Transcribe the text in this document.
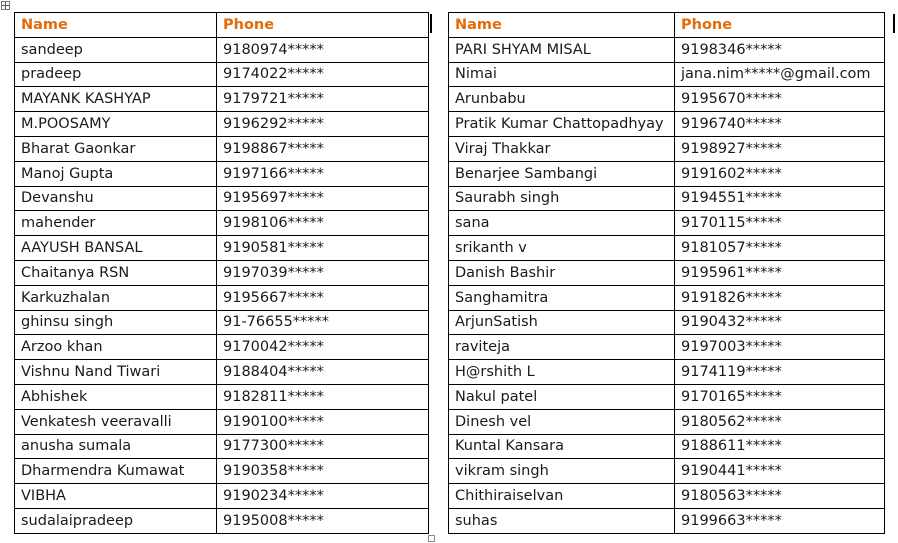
Name	Phone
sandeep	9180974*****
pradeep	9174022*****
MAYANK KASHYAP	9179721*****
M.POOSAMY	9196292*****
Bharat Gaonkar	9198867*****
Manoj Gupta	9197166*****
Devanshu	9195697*****
mahender	9198106*****
AAYUSH BANSAL	9190581*****
Chaitanya RSN	9197039*****
Karkuzhalan	9195667*****
ghinsu singh	91-76655*****
Arzoo khan	9170042*****
Vishnu Nand Tiwari	9188404*****
Abhishek	9182811*****
Venkatesh veeravalli	9190100*****
anusha sumala	9177300*****
Dharmendra Kumawat	9190358*****
VIBHA	9190234*****
sudalaipradeep	9195008*****
Name	Phone
PARI SHYAM MISAL	9198346*****
Nimai	jana.nim*****@gmail.com
Arunbabu	9195670*****
Pratik Kumar Chattopadhyay	9196740*****
Viraj Thakkar	9198927*****
Benarjee Sambangi	9191602*****
Saurabh singh	9194551*****
sana	9170115*****
srikanth v	9181057*****
Danish Bashir	9195961*****
Sanghamitra	9191826*****
ArjunSatish	9190432*****
raviteja	9197003*****
H@rshith L	9174119*****
Nakul patel	9170165*****
Dinesh vel	9180562*****
Kuntal Kansara	9188611*****
vikram singh	9190441*****
Chithiraiselvan	9180563*****
suhas	9199663*****
